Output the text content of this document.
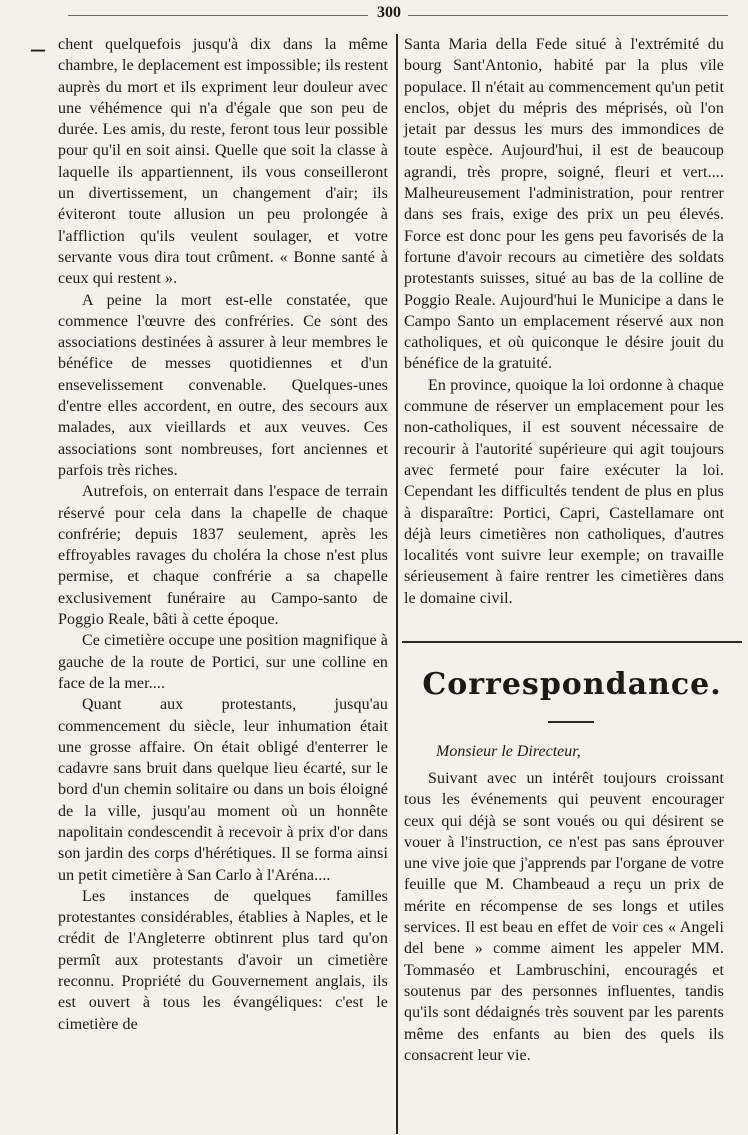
300
— chent quelquefois jusqu'à dix dans la même chambre, le deplacement est impossible; ils restent auprès du mort et ils expriment leur douleur avec une véhémence qui n'a d'égale que son peu de durée. Les amis, du reste, feront tous leur possible pour qu'il en soit ainsi. Quelle que soit la classe à laquelle ils appartiennent, ils vous conseilleront un divertissement, un changement d'air; ils éviteront toute allusion un peu prolongée à l'affliction qu'ils veulent soulager, et votre servante vous dira tout crûment. « Bonne santé à ceux qui restent ».

A peine la mort est-elle constatée, que commence l'œuvre des confréries. Ce sont des associations destinées à assurer à leur membres le bénéfice de messes quotidiennes et d'un ensevelissement convenable. Quelques-unes d'entre elles accordent, en outre, des secours aux malades, aux vieillards et aux veuves. Ces associations sont nombreuses, fort anciennes et parfois très riches.

Autrefois, on enterrait dans l'espace de terrain réservé pour cela dans la chapelle de chaque confrérie; depuis 1837 seulement, après les effroyables ravages du choléra la chose n'est plus permise, et chaque confrérie a sa chapelle exclusivement funéraire au Campo-santo de Poggio Reale, bâti à cette époque.

Ce cimetière occupe une position magnifique à gauche de la route de Portici, sur une colline en face de la mer....

Quant aux protestants, jusqu'au commencement du siècle, leur inhumation était une grosse affaire. On était obligé d'enterrer le cadavre sans bruit dans quelque lieu écarté, sur le bord d'un chemin solitaire ou dans un bois éloigné de la ville, jusqu'au moment où un honnête napolitain condescendit à recevoir à prix d'or dans son jardin des corps d'hérétiques. Il se forma ainsi un petit cimetière à San Carlo à l'Aréna....

Les instances de quelques familles protestantes considérables, établies à Naples, et le crédit de l'Angleterre obtinrent plus tard qu'on permît aux protestants d'avoir un cimetière reconnu. Propriété du Gouvernement anglais, ils est ouvert à tous les évangéliques: c'est le cimetière de

Santa Maria della Fede situé à l'extrémité du bourg Sant'Antonio, habité par la plus vile populace. Il n'était au commencement qu'un petit enclos, objet du mépris des méprisés, où l'on jetait par dessus les murs des immondices de toute espèce. Aujourd'hui, il est de beaucoup agrandi, très propre, soigné, fleuri et vert.... Malheureusement l'administration, pour rentrer dans ses frais, exige des prix un peu élevés. Force est donc pour les gens peu favorisés de la fortune d'avoir recours au cimetière des soldats protestants suisses, situé au bas de la colline de Poggio Reale. Aujourd'hui le Municipe a dans le Campo Santo un emplacement réservé aux non catholiques, et où quiconque le désire jouit du bénéfice de la gratuité.

En province, quoique la loi ordonne à chaque commune de réserver un emplacement pour les non-catholiques, il est souvent nécessaire de recourir à l'autorité supérieure qui agit toujours avec fermeté pour faire exécuter la loi. Cependant les difficultés tendent de plus en plus à disparaître: Portici, Capri, Castellamare ont déjà leurs cimetières non catholiques, d'autres localités vont suivre leur exemple; on travaille sérieusement à faire rentrer les cimetières dans le domaine civil.

Correspondance.
Monsieur le Directeur,

Suivant avec un intérêt toujours croissant tous les événements qui peuvent encourager ceux qui déjà se sont voués ou qui désirent se vouer à l'instruction, ce n'est pas sans éprouver une vive joie que j'apprends par l'organe de votre feuille que M. Chambeaud a reçu un prix de mérite en récompense de ses longs et utiles services. Il est beau en effet de voir ces « Angeli del bene » comme aiment les appeler MM. Tommaséo et Lambruschini, encouragés et soutenus par des personnes influentes, tandis qu'ils sont dédaignés très souvent par les parents même des enfants au bien des quels ils consacrent leur vie.
